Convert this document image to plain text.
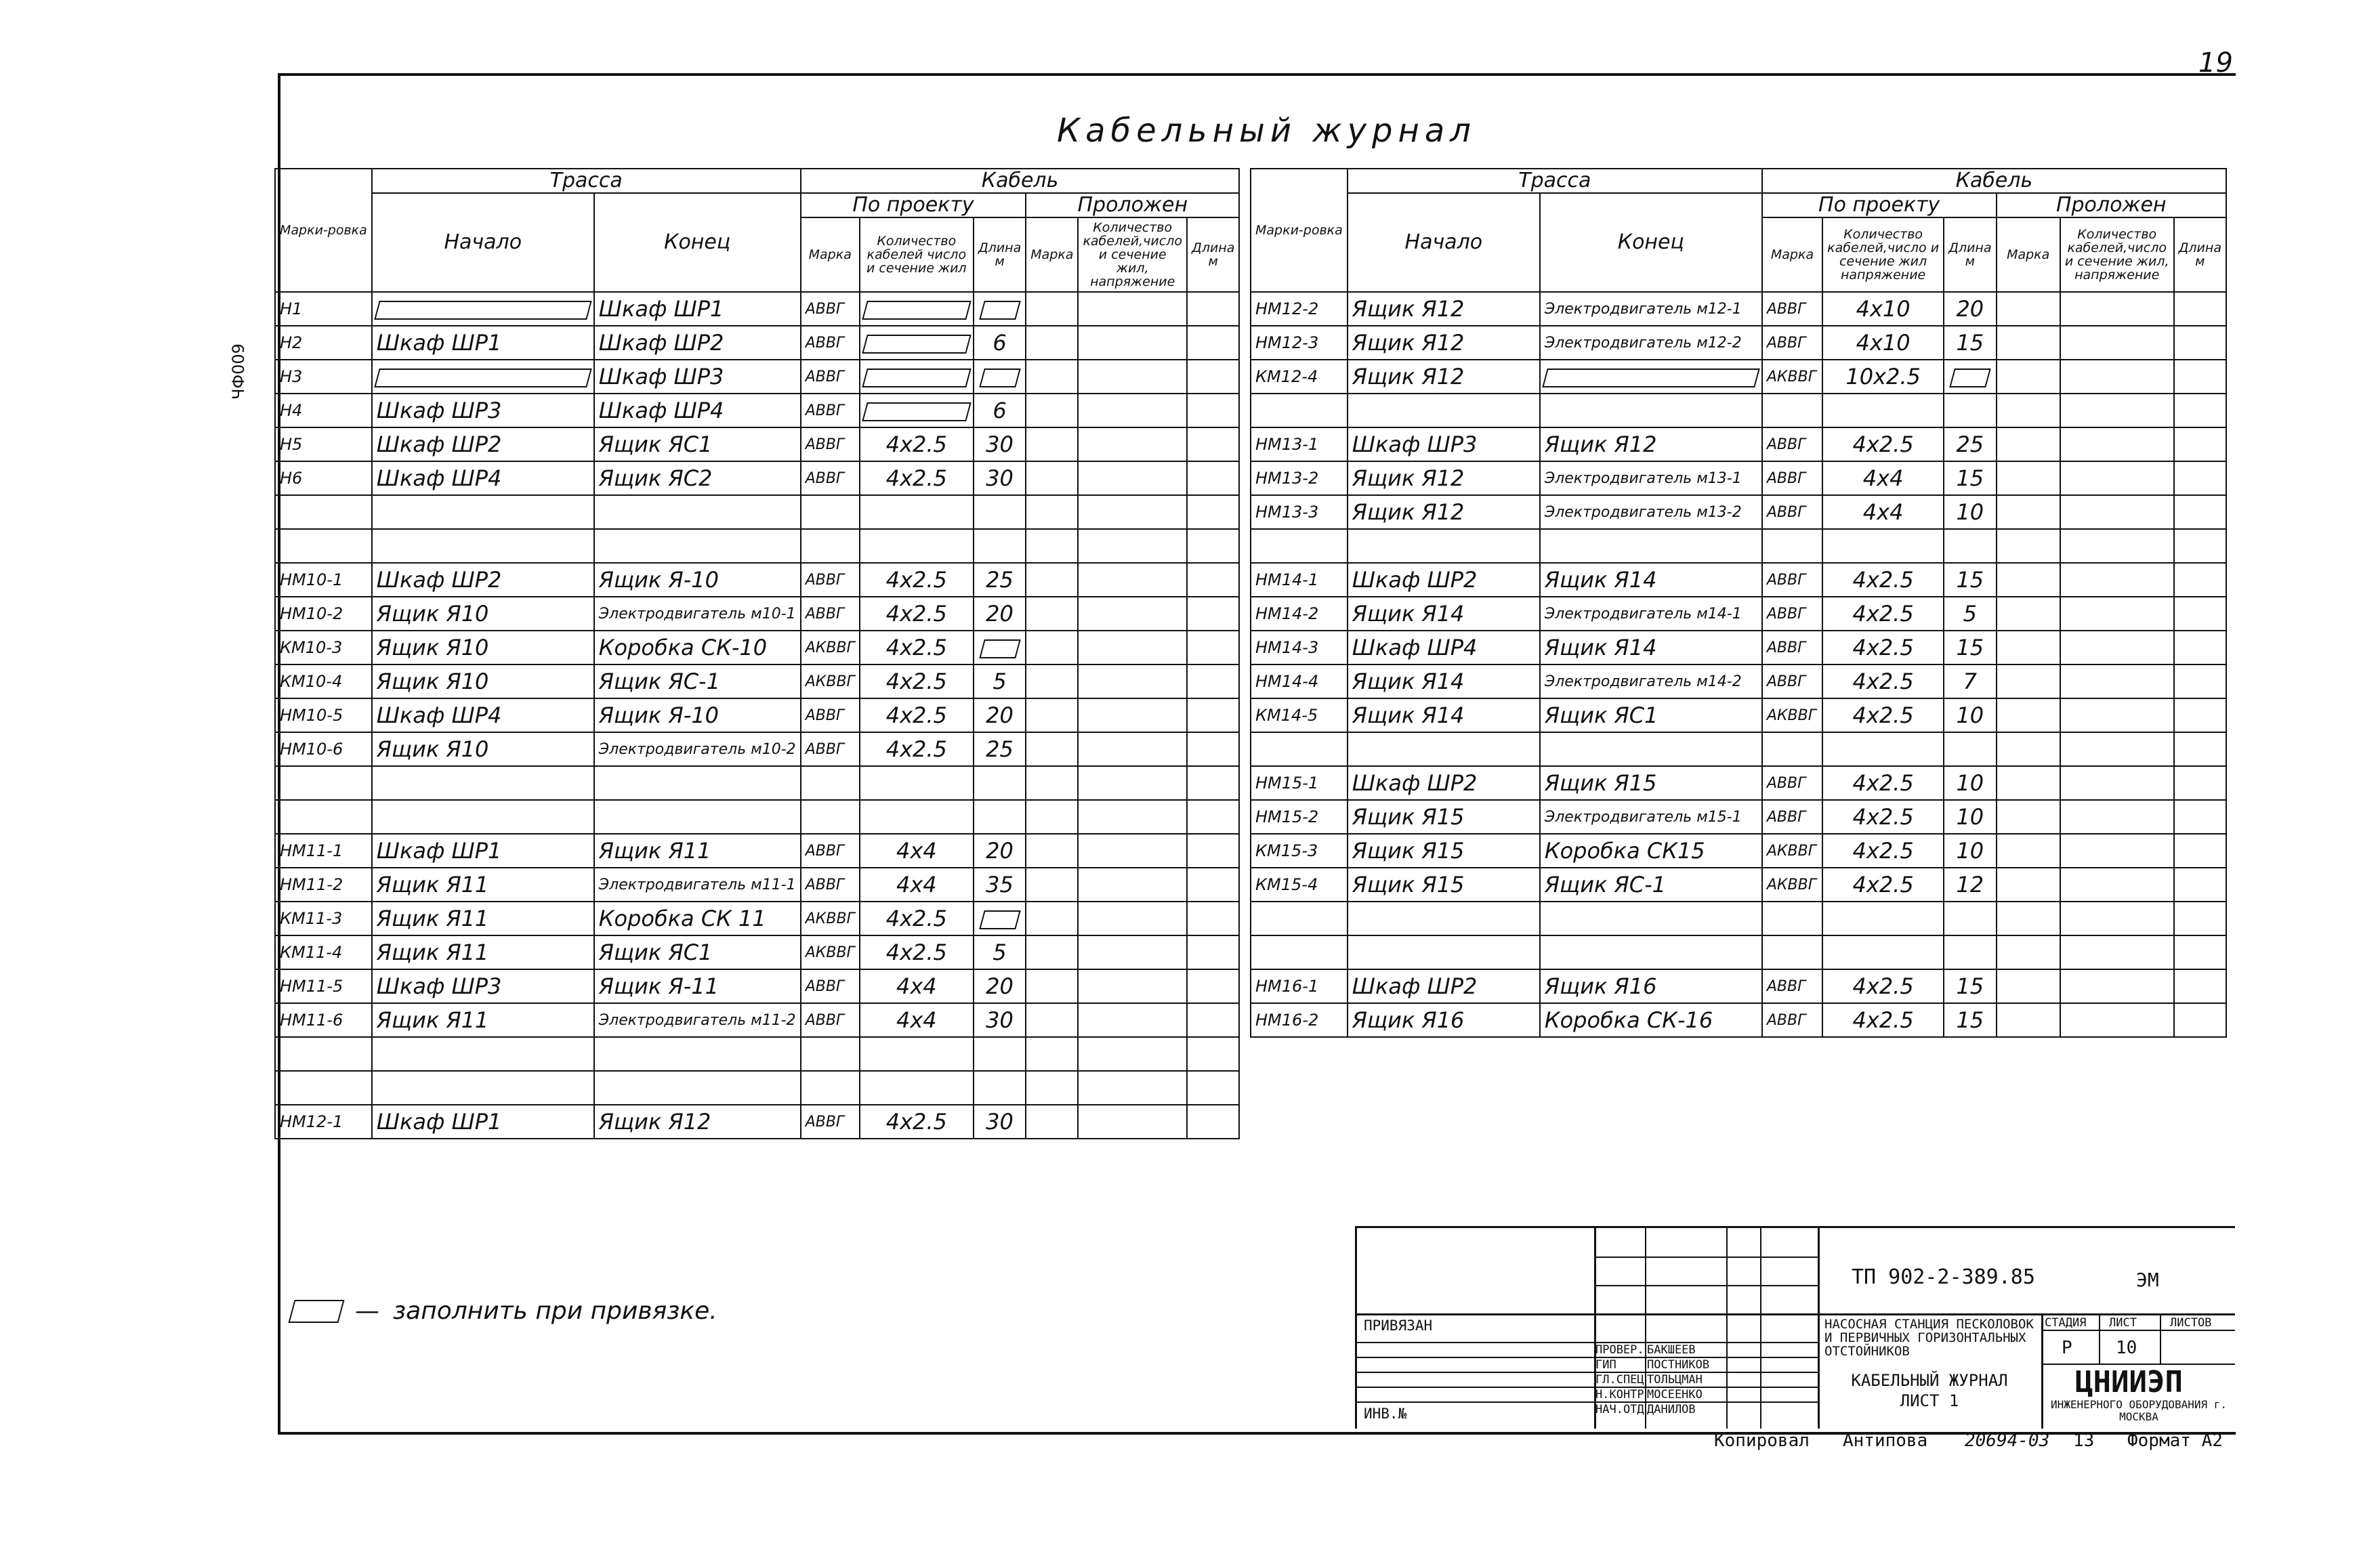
19
ЧФ009
Кабельный журнал
Марки-ровка	Трасса		Кабель					
	Начало	Конец	По проекту			Проложен		
			Марка	Количество кабелей число и сечение жил	Длина м	Марка	Количество кабелей,число и сечение жил, напряжение	Длина м
Н1		Шкаф ШР1	АВВГ					
Н2	Шкаф ШР1	Шкаф ШР2	АВВГ		6			
Н3		Шкаф ШР3	АВВГ					
Н4	Шкаф ШР3	Шкаф ШР4	АВВГ		6			
Н5	Шкаф ШР2	Ящик ЯС1	АВВГ	4х2.5	30			
Н6	Шкаф ШР4	Ящик ЯС2	АВВГ	4х2.5	30			

НМ10-1	Шкаф ШР2	Ящик Я-10	АВВГ	4х2.5	25			
НМ10-2	Ящик Я10	Электродвигатель м10-1	АВВГ	4х2.5	20			
КМ10-3	Ящик Я10	Коробка СК-10	АКВВГ	4х2.5				
КМ10-4	Ящик Я10	Ящик ЯС-1	АКВВГ	4х2.5	5			
НМ10-5	Шкаф ШР4	Ящик Я-10	АВВГ	4х2.5	20			
НМ10-6	Ящик Я10	Электродвигатель м10-2	АВВГ	4х2.5	25			

НМ11-1	Шкаф ШР1	Ящик Я11	АВВГ	4х4	20			
НМ11-2	Ящик Я11	Электродвигатель м11-1	АВВГ	4х4	35			
КМ11-3	Ящик Я11	Коробка СК 11	АКВВГ	4х2.5				
КМ11-4	Ящик Я11	Ящик ЯС1	АКВВГ	4х2.5	5			
НМ11-5	Шкаф ШР3	Ящик Я-11	АВВГ	4х4	20			
НМ11-6	Ящик Я11	Электродвигатель м11-2	АВВГ	4х4	30			

НМ12-1	Шкаф ШР1	Ящик Я12	АВВГ	4х2.5	30			
Марки-ровка	Трасса		Кабель					
	Начало	Конец	По проекту			Проложен		
			Марка	Количество кабелей,число и сечение жил напряжение	Длина м	Марка	Количество кабелей,число и сечение жил, напряжение	Длина м
НМ12-2	Ящик Я12	Электродвигатель м12-1	АВВГ	4х10	20			
НМ12-3	Ящик Я12	Электродвигатель м12-2	АВВГ	4х10	15			
КМ12-4	Ящик Я12		АКВВГ	10х2.5				

НМ13-1	Шкаф ШР3	Ящик Я12	АВВГ	4х2.5	25			
НМ13-2	Ящик Я12	Электродвигатель м13-1	АВВГ	4х4	15			
НМ13-3	Ящик Я12	Электродвигатель м13-2	АВВГ	4х4	10			

НМ14-1	Шкаф ШР2	Ящик Я14	АВВГ	4х2.5	15			
НМ14-2	Ящик Я14	Электродвигатель м14-1	АВВГ	4х2.5	5			
НМ14-3	Шкаф ШР4	Ящик Я14	АВВГ	4х2.5	15			
НМ14-4	Ящик Я14	Электродвигатель м14-2	АВВГ	4х2.5	7			
КМ14-5	Ящик Я14	Ящик ЯС1	АКВВГ	4х2.5	10			

НМ15-1	Шкаф ШР2	Ящик Я15	АВВГ	4х2.5	10			
НМ15-2	Ящик Я15	Электродвигатель м15-1	АВВГ	4х2.5	10			
КМ15-3	Ящик Я15	Коробка СК15	АКВВГ	4х2.5	10			
КМ15-4	Ящик Я15	Ящик ЯС-1	АКВВГ	4х2.5	12			

НМ16-1	Шкаф ШР2	Ящик Я16	АВВГ	4х2.5	15			
НМ16-2	Ящик Я16	Коробка СК-16	АВВГ	4х2.5	15			
— заполнить при привязке.
ТП 902-2-389.85	ЭМ
ПРИВЯЗАН
ИНВ.№
ПРОВЕР.
ГИП
ГЛ.СПЕЦ
Н.КОНТР
НАЧ.ОТД
БАКШЕЕВ
ПОСТНИКОВ
ТОЛЬЦМАН
МОСЕЕНКО
ДАНИЛОВ
НАСОСНАЯ СТАНЦИЯ ПЕСКОЛОВОК И ПЕРВИЧНЫХ ГОРИЗОНТАЛЬНЫХ ОТСТОЙНИКОВ
КАБЕЛЬНЫЙ ЖУРНАЛ ЛИСТ 1
СТАДИЯ ЛИСТ	ЛИСТОВ
Р 10
ЦНИИЭП
ИНЖЕНЕРНОГО ОБОРУДОВАНИЯ г. МОСКВА
Копировал Антипова 20694-03 13 Формат А2
